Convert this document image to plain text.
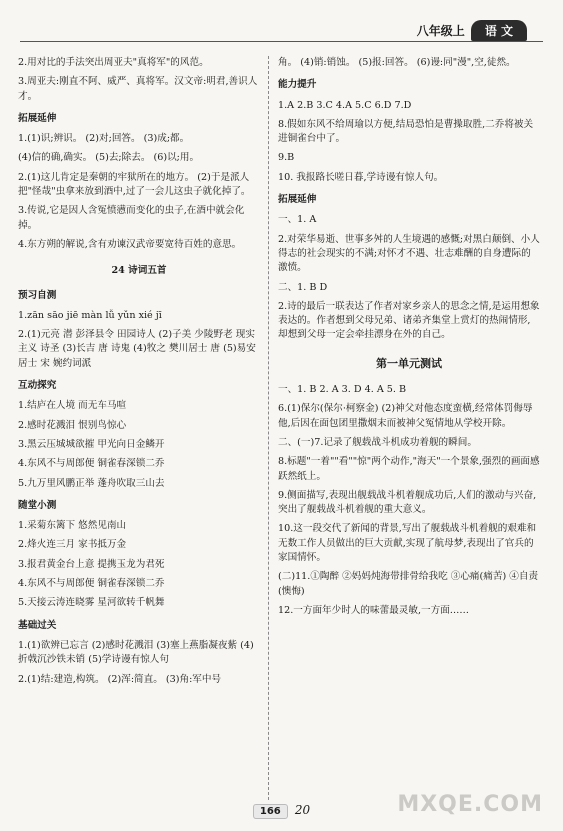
八年级上	语 文

2.用对比的手法突出周亚夫"真将军"的风范。

3.周亚夫:刚直不阿、威严、真将军。汉文帝:明君,善识人才。

拓展延伸

1.(1)识;辨识。 (2)对;回答。 (3)成;都。

(4)信的确,确实。 (5)去;除去。 (6)以;用。

2.(1)这儿肯定是秦朝的牢狱所在的地方。 (2)于是派人把"怪哉"虫拿来放到酒中,过了一会儿这虫子就化掉了。

3.传说,它是因人含冤愤懑而变化的虫子,在酒中就会化掉。

4.东方朔的解说,含有劝谏汉武帝要宽待百姓的意思。

24 诗词五首
预习自测

1.zān sāo jiē màn lǚ yǔn xié jī

2.(1)元亮 潜 彭泽县令 田园诗人 (2)子美 少陵野老 现实主义 诗圣 (3)长吉 唐 诗鬼 (4)牧之 樊川居士 唐 (5)易安居士 宋 婉约词派

互动探究

1.结庐在人境 而无车马喧

2.感时花溅泪 恨别鸟惊心

3.黑云压城城欲摧 甲光向日金鳞开

4.东风不与周郎便 铜雀春深锁二乔

5.九万里风鹏正举 蓬舟吹取三山去

随堂小测

1.采菊东篱下 悠然见南山

2.烽火连三月 家书抵万金

3.报君黄金台上意 提携玉龙为君死

4.东风不与周郎便 铜雀春深锁二乔

5.天接云涛连晓雾 星河欲转千帆舞

基础过关

1.(1)欲辨已忘言 (2)感时花溅泪 (3)塞上燕脂凝夜紫 (4)折戟沉沙铁未销 (5)学诗谩有惊人句

2.(1)结:建造,构筑。 (2)浑:简直。 (3)角:军中号

角。 (4)销:销蚀。 (5)报:回答。 (6)谩:同"漫",空,徒然。

能力提升

1.A 2.B 3.C 4.A 5.C 6.D 7.D

8.假如东风不给周瑜以方便,结局恐怕是曹操取胜,二乔将被关进铜雀台中了。

9.B

10. 我报路长嗟日暮,学诗谩有惊人句。

拓展延伸

一、1. A

2.对荣华易逝、世事多舛的人生境遇的感慨;对黑白颠倒、小人得志的社会现实的不满;对怀才不遇、壮志难酬的自身遭际的激愤。

二、1. B D

2.诗的最后一联表达了作者对家乡亲人的思念之情,是运用想象表达的。作者想到父母兄弟、诸弟齐集堂上赏灯的热闹情形,却想到父母一定会牵挂漂身在外的自己。

第一单元测试

一、1. B 2. A 3. D 4. A 5. B

6.(1)保尔(保尔·柯察金) (2)神父对他态度蛮横,经常体罚侮辱他,后因在面包团里撒烟末而被神父冤情地从学校开除。

二、(一)7.记录了舰载战斗机成功着舰的瞬间。

8.标题"一着""看""惊"两个动作,"海天"一个景象,强烈的画面感跃然纸上。

9.侧面描写,表现出舰载战斗机着舰成功后,人们的激动与兴奋,突出了舰载战斗机着舰的重大意义。

10.这一段交代了新闻的背景,写出了舰载战斗机着舰的艰难和无数工作人员做出的巨大贡献,实现了航母梦,表现出了官兵的家国情怀。

(二)11.①陶醉 ②妈妈炖海带排骨给我吃 ③心痛(痛苦) ④自责(懊悔)

12.一方面年少时人的味蕾最灵敏,一方面……

166 20	MXQE.COM
